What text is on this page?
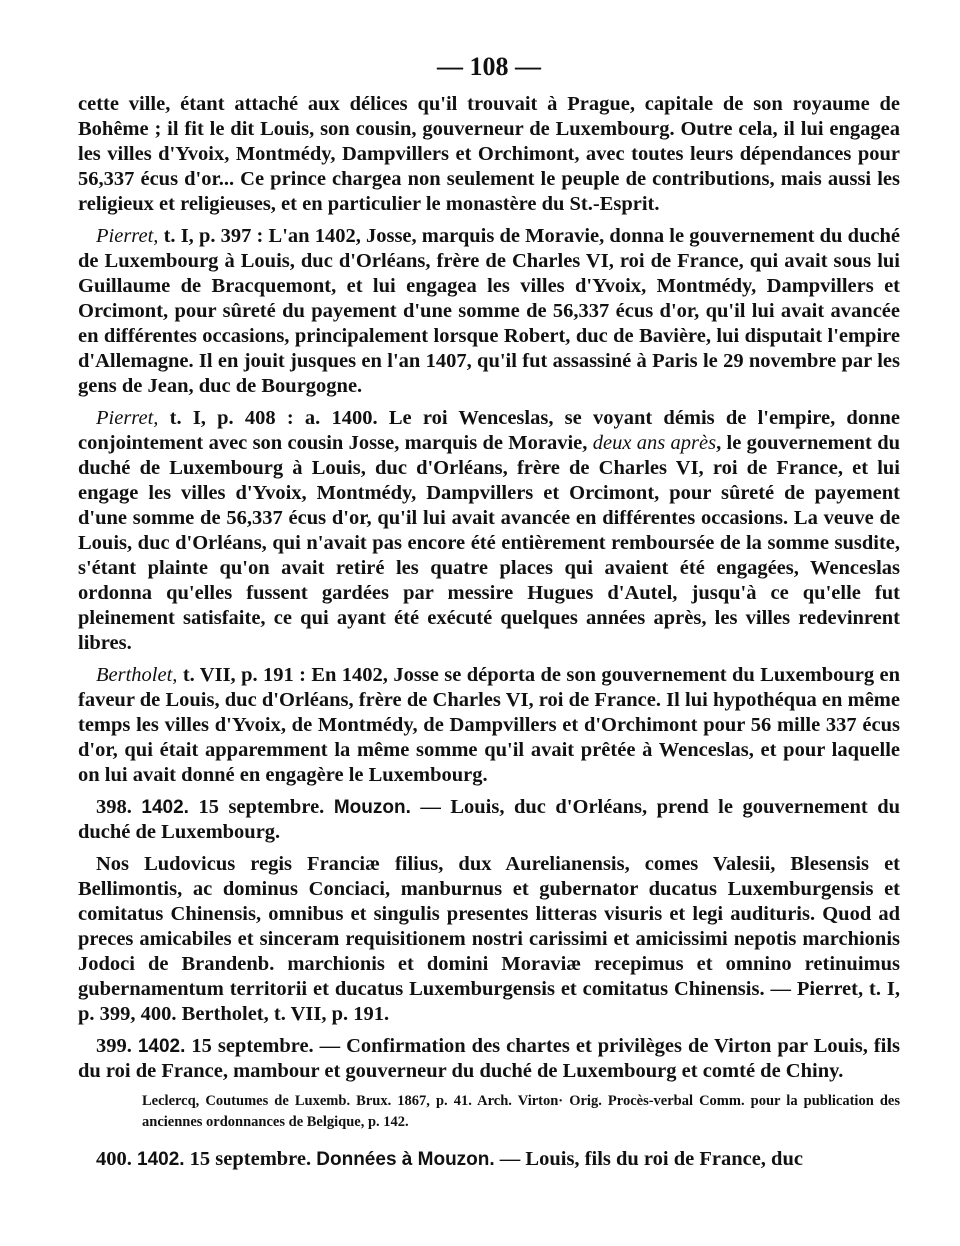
— 108 —

cette ville, étant attaché aux délices qu'il trouvait à Prague, capitale de son royaume de Bohême ; il fit le dit Louis, son cousin, gouverneur de Luxembourg. Outre cela, il lui engagea les villes d'Yvoix, Montmédy, Dampvillers et Orchimont, avec toutes leurs dépendances pour 56,337 écus d'or... Ce prince chargea non seulement le peuple de contributions, mais aussi les religieux et religieuses, et en particulier le monastère du St.-Esprit.

Pierret, t. I, p. 397 : L'an 1402, Josse, marquis de Moravie, donna le gouvernement du duché de Luxembourg à Louis, duc d'Orléans, frère de Charles VI, roi de France, qui avait sous lui Guillaume de Bracquemont, et lui engagea les villes d'Yvoix, Montmédy, Dampvillers et Orcimont, pour sûreté du payement d'une somme de 56,337 écus d'or, qu'il lui avait avancée en différentes occasions, principalement lorsque Robert, duc de Bavière, lui disputait l'empire d'Allemagne. Il en jouit jusques en l'an 1407, qu'il fut assassiné à Paris le 29 novembre par les gens de Jean, duc de Bourgogne.

Pierret, t. I, p. 408 : a. 1400. Le roi Wenceslas, se voyant démis de l'empire, donne conjointement avec son cousin Josse, marquis de Moravie, deux ans après, le gouvernement du duché de Luxembourg à Louis, duc d'Orléans, frère de Charles VI, roi de France, et lui engage les villes d'Yvoix, Montmédy, Dampvillers et Orcimont, pour sûreté de payement d'une somme de 56,337 écus d'or, qu'il lui avait avancée en différentes occasions. La veuve de Louis, duc d'Orléans, qui n'avait pas encore été entièrement remboursée de la somme susdite, s'étant plainte qu'on avait retiré les quatre places qui avaient été engagées, Wenceslas ordonna qu'elles fussent gardées par messire Hugues d'Autel, jusqu'à ce qu'elle fut pleinement satisfaite, ce qui ayant été exécuté quelques années après, les villes redevinrent libres.

Bertholet, t. VII, p. 191 : En 1402, Josse se déporta de son gouvernement du Luxembourg en faveur de Louis, duc d'Orléans, frère de Charles VI, roi de France. Il lui hypothéqua en même temps les villes d'Yvoix, de Montmédy, de Dampvillers et d'Orchimont pour 56 mille 337 écus d'or, qui était apparemment la même somme qu'il avait prêtée à Wenceslas, et pour laquelle on lui avait donné en engagère le Luxembourg.

398. 1402. 15 septembre. Mouzon. — Louis, duc d'Orléans, prend le gouvernement du duché de Luxembourg.

Nos Ludovicus regis Franciæ filius, dux Aurelianensis, comes Valesii, Blesensis et Bellimontis, ac dominus Conciaci, manburnus et gubernator ducatus Luxemburgensis et comitatus Chinensis, omnibus et singulis presentes litteras visuris et legi audituris. Quod ad preces amicabiles et sinceram requisitionem nostri carissimi et amicissimi nepotis marchionis Jodoci de Brandenb. marchionis et domini Moraviæ recepimus et omnino retinuimus gubernamentum territorii et ducatus Luxemburgensis et comitatus Chinensis. — Pierret, t. I, p. 399, 400. Bertholet, t. VII, p. 191.

399. 1402. 15 septembre. — Confirmation des chartes et privilèges de Virton par Louis, fils du roi de France, mambour et gouverneur du duché de Luxembourg et comté de Chiny.

Leclercq, Coutumes de Luxemb. Brux. 1867, p. 41. Arch. Virton· Orig. Procès-verbal Comm. pour la publication des anciennes ordonnances de Belgique, p. 142.

400. 1402. 15 septembre. Données à Mouzon. — Louis, fils du roi de France, duc
